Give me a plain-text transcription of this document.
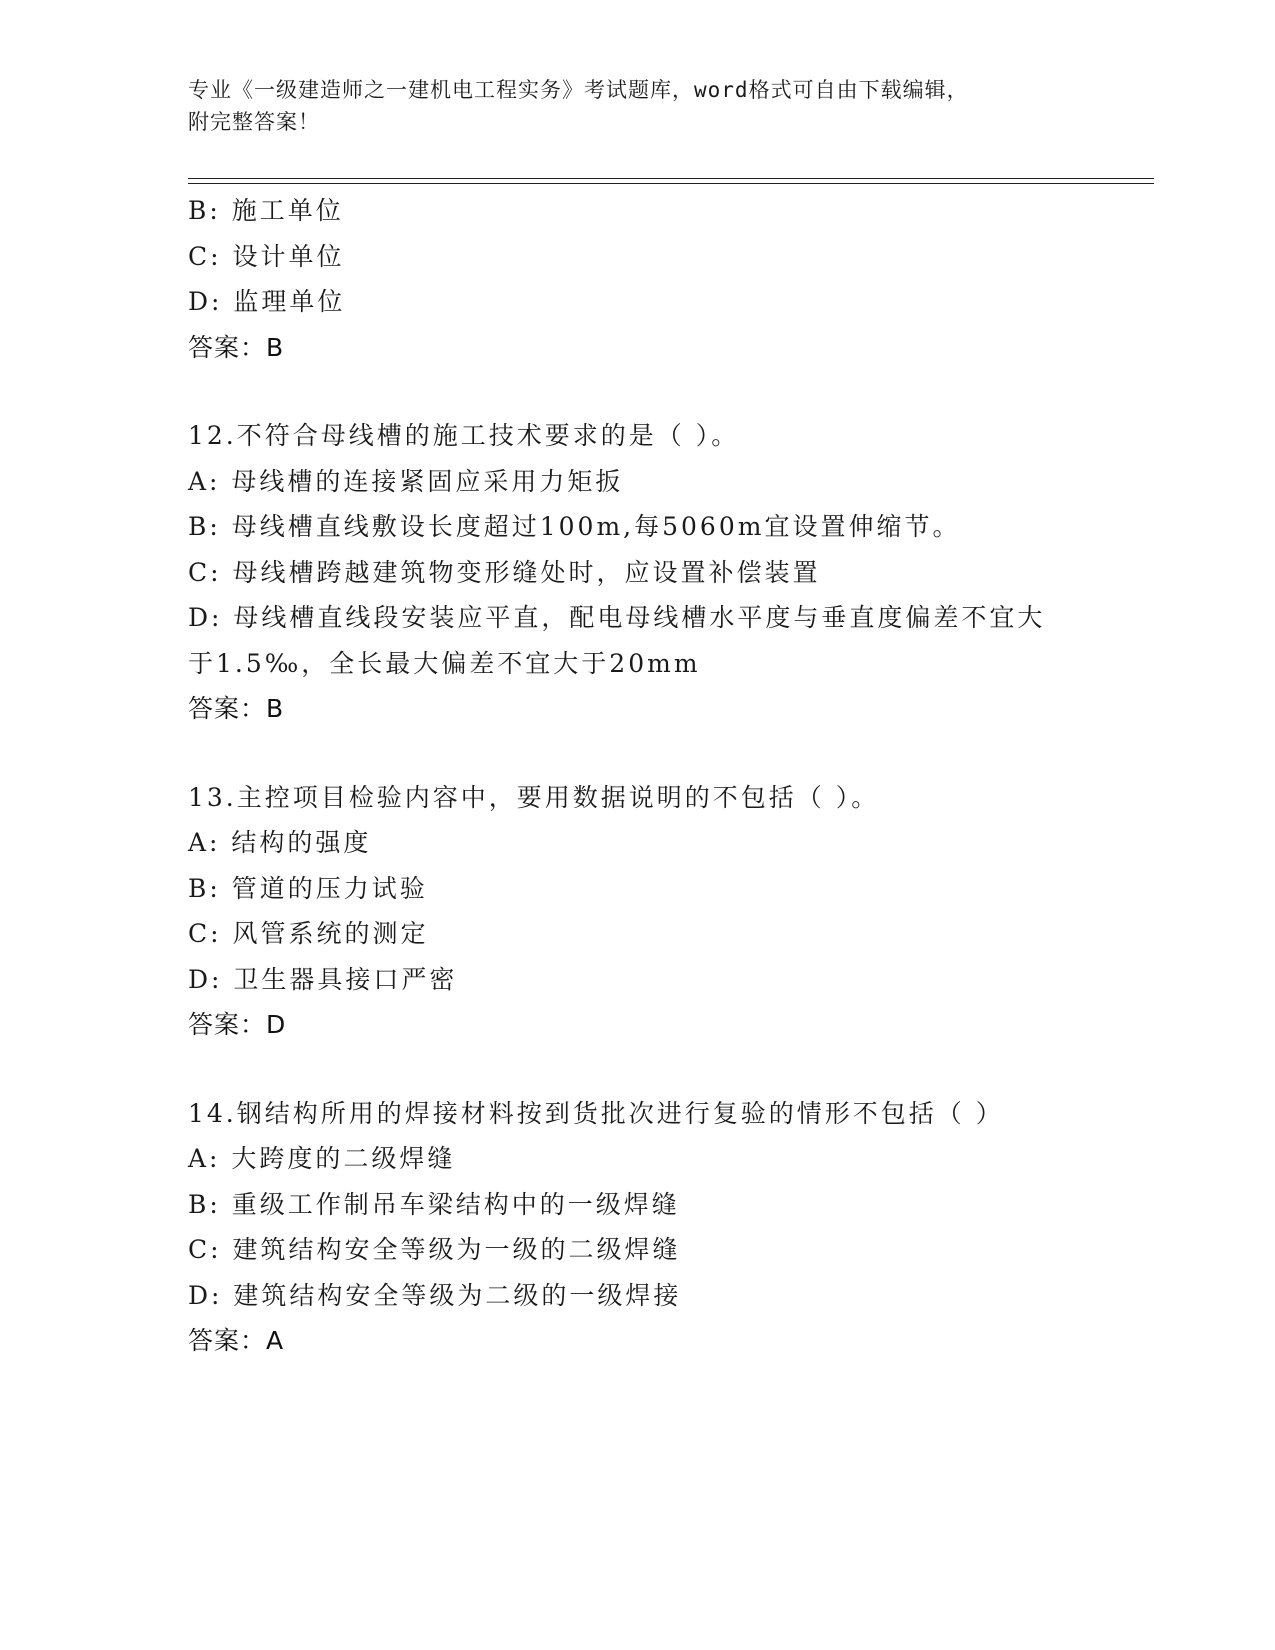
专业《一级建造师之一建机电工程实务》考试题库，word格式可自由下载编辑，
附完整答案！
B: 施工单位
C: 设计单位
D: 监理单位
答案：B
12.不符合母线槽的施工技术要求的是（ ）。
A: 母线槽的连接紧固应采用力矩扳
B: 母线槽直线敷设长度超过100m,每5060m宜设置伸缩节。
C: 母线槽跨越建筑物变形缝处时，应设置补偿装置
D: 母线槽直线段安装应平直，配电母线槽水平度与垂直度偏差不宜大
于1.5‰，全长最大偏差不宜大于20mm
答案：B
13.主控项目检验内容中，要用数据说明的不包括（ ）。
A: 结构的强度
B: 管道的压力试验
C: 风管系统的测定
D: 卫生器具接口严密
答案：D
14.钢结构所用的焊接材料按到货批次进行复验的情形不包括（ ）
A: 大跨度的二级焊缝
B: 重级工作制吊车梁结构中的一级焊缝
C: 建筑结构安全等级为一级的二级焊缝
D: 建筑结构安全等级为二级的一级焊接
答案：A
